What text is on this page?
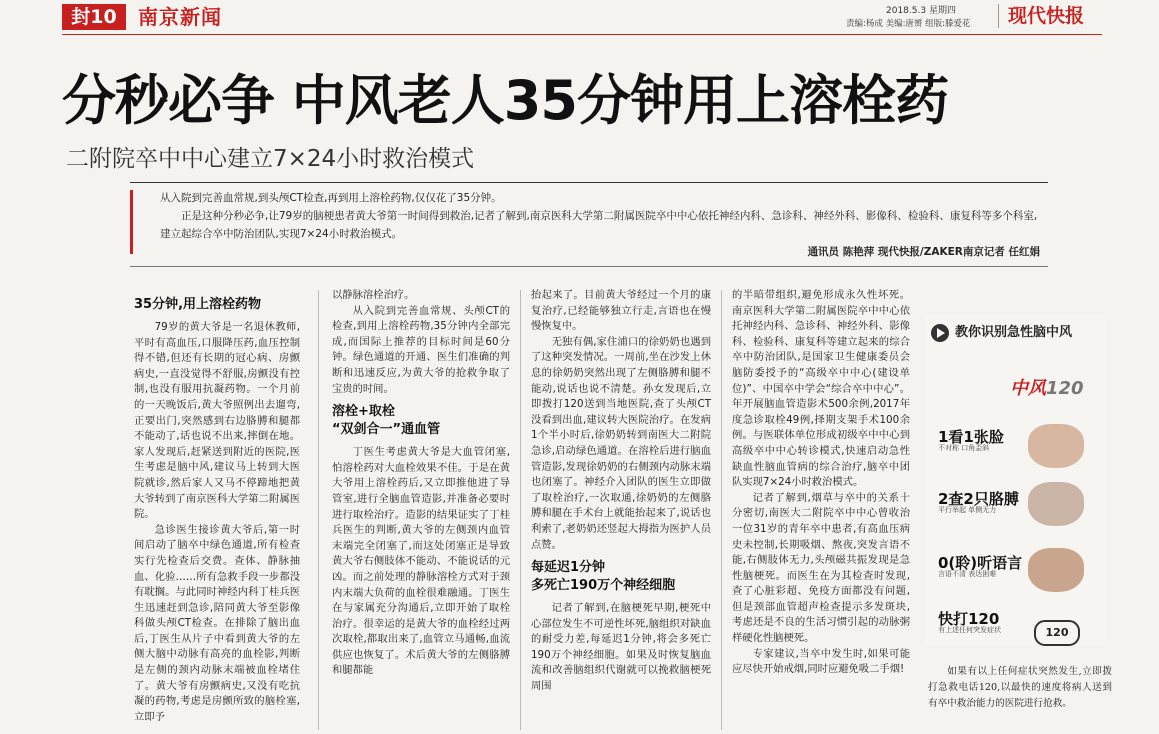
封10	南京新闻	2018.5.3 星期四
责编:杨成 美编:唐赟 组版:滕爱花 现代快报
分秒必争 中风老人35分钟用上溶栓药
二附院卒中中心建立7×24小时救治模式

从入院到完善血常规,到头颅CT检查,再到用上溶栓药物,仅仅花了35分钟。

正是这种分秒必争,让79岁的脑梗患者黄大爷第一时间得到救治,记者了解到,南京医科大学第二附属医院卒中中心依托神经内科、急诊科、神经外科、影像科、检验科、康复科等多个科室,建立起综合卒中防治团队,实现7×24小时救治模式。

通讯员 陈艳萍 现代快报/ZAKER南京记者 任红娟
35分钟,用上溶栓药物

79岁的黄大爷是一名退休教师,平时有高血压,口服降压药,血压控制得不错,但还有长期的冠心病、房颤病史,一直没觉得不舒服,房颤没有控制,也没有服用抗凝药物。一个月前的一天晚饭后,黄大爷照例出去遛弯,正要出门,突然感到右边胳膊和腿都不能动了,话也说不出来,摔倒在地。家人发现后,赶紧送到附近的医院,医生考虑是脑中风,建议马上转到大医院就诊,然后家人又马不停蹄地把黄大爷转到了南京医科大学第二附属医院。

急诊医生接诊黄大爷后,第一时间启动了脑卒中绿色通道,所有检查实行先检查后交费。查体、静脉抽血、化验……所有急救手段一步都没有耽搁。与此同时神经内科丁桂兵医生迅速赶到急诊,陪同黄大爷至影像科做头颅CT检查。在排除了脑出血后,丁医生从片子中看到黄大爷的左侧大脑中动脉有高亮的血栓影,判断是左侧的颈内动脉末端被血栓堵住了。黄大爷有房颤病史,又没有吃抗凝的药物,考虑是房颤所致的脑栓塞,立即予

以静脉溶栓治疗。

从入院到完善血常规、头颅CT的检查,到用上溶栓药物,35分钟内全部完成,而国际上推荐的目标时间是60分钟。绿色通道的开通、医生们准确的判断和迅速反应,为黄大爷的抢救争取了宝贵的时间。

溶栓+取栓
“双剑合一”通血管

丁医生考虑黄大爷是大血管闭塞,怕溶栓药对大血栓效果不佳。于是在黄大爷用上溶栓药后,又立即推他进了导管室,进行全脑血管造影,并准备必要时进行取栓治疗。造影的结果证实了丁桂兵医生的判断,黄大爷的左侧颈内血管末端完全闭塞了,而这处闭塞正是导致黄大爷右侧肢体不能动、不能说话的元凶。而之前处理的静脉溶栓方式对于颈内末端大负荷的血栓很难融通。丁医生在与家属充分沟通后,立即开始了取栓治疗。很幸运的是黄大爷的血栓经过两次取栓,都取出来了,血管立马通畅,血流供应也恢复了。术后黄大爷的左侧胳膊和腿都能

抬起来了。目前黄大爷经过一个月的康复治疗,已经能够独立行走,言语也在慢慢恢复中。

无独有偶,家住浦口的徐奶奶也遇到了这种突发情况。一周前,坐在沙发上休息的徐奶奶突然出现了左侧胳膊和腿不能动,说话也说不清楚。孙女发现后,立即拨打120送到当地医院,查了头颅CT没看到出血,建议转大医院治疗。在发病1个半小时后,徐奶奶转到南医大二附院急诊,启动绿色通道。在溶栓后进行脑血管造影,发现徐奶奶的右侧颈内动脉末端也闭塞了。神经介入团队的医生立即做了取栓治疗,一次取通,徐奶奶的左侧胳膊和腿在手术台上就能抬起来了,说话也利索了,老奶奶还竖起大拇指为医护人员点赞。

每延迟1分钟
多死亡190万个神经细胞

记者了解到,在脑梗死早期,梗死中心部位发生不可逆性坏死,脑组织对缺血的耐受力差,每延迟1分钟,将会多死亡190万个神经细胞。如果及时恢复脑血流和改善脑组织代谢就可以挽救脑梗死周围

的半暗带组织,避免形成永久性坏死。南京医科大学第二附属医院卒中中心依托神经内科、急诊科、神经外科、影像科、检验科、康复科等建立起来的综合卒中防治团队,是国家卫生健康委员会脑防委授予的“高级卒中中心(建设单位)”、中国卒中学会“综合卒中中心”。年开展脑血管造影术500余例,2017年度急诊取栓49例,择期支架手术100余例。与医联体单位形成初级卒中中心到高级卒中中心转诊模式,快速启动急性缺血性脑血管病的综合治疗,脑卒中团队实现7×24小时救治模式。

记者了解到,烟草与卒中的关系十分密切,南医大二附院卒中中心曾收治一位31岁的青年卒中患者,有高血压病史未控制,长期吸烟、熬夜,突发言语不能,右侧肢体无力,头颅磁共振发现是急性脑梗死。而医生在为其检查时发现,查了心脏彩超、免疫方面都没有问题,但是颈部血管超声检查提示多发斑块,考虑还是不良的生活习惯引起的动脉粥样硬化性脑梗死。

专家建议,当卒中发生时,如果可能应尽快开始戒烟,同时应避免吸二手烟!

教你识别急性脑中风
中风120
1看1张脸
不对称 口角歪斜
2查2只胳膊
平行举起 单侧无力
0(聆)听语言
言语不清 表达困难
快打120
有上述任何突发症状	120
如果有以上任何症状突然发生,立即拨打急救电话120,以最快的速度将病人送到有卒中救治能力的医院进行抢救。
